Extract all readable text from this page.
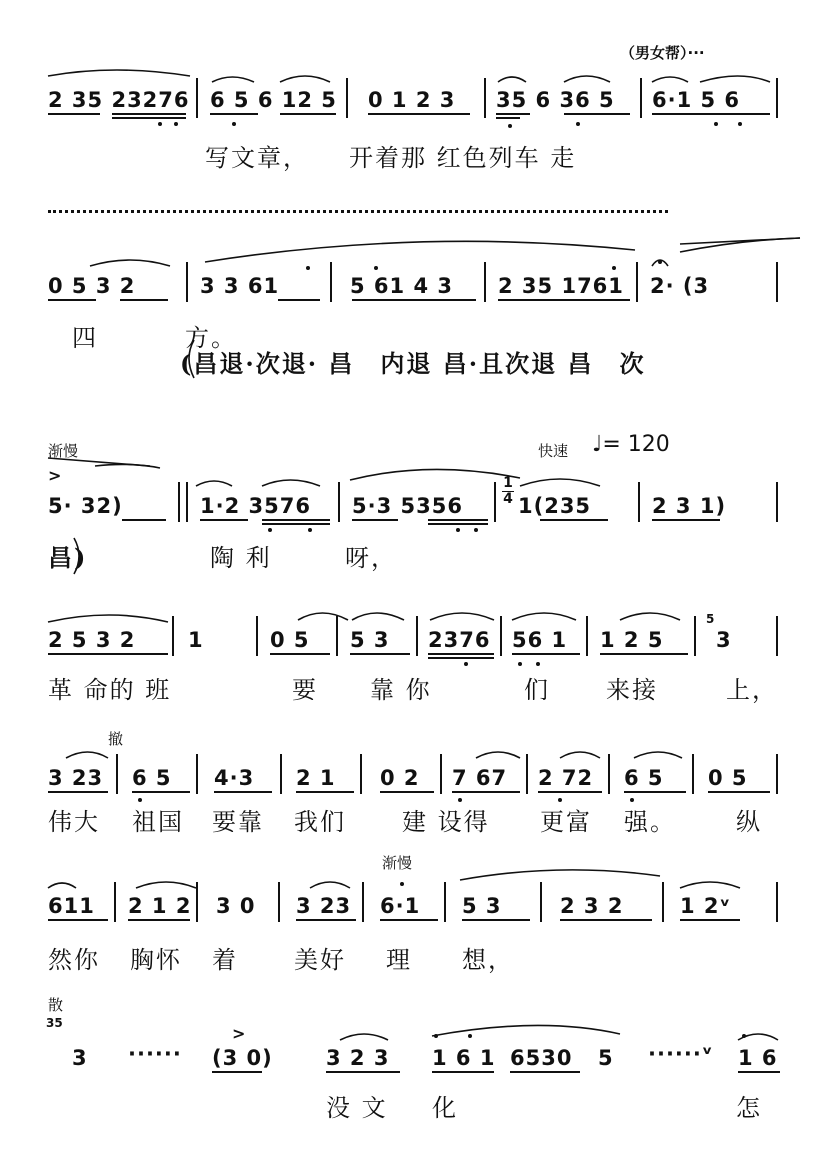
（男女帮）···
2 35 23276 6 5 6 12 5 0 1 2 3 35 6 36 5 6·1 5 6
写文章，　　开着那 红色列车 走
0 5 3 2	3 3 61	5 61 4 3 2 35 1761 2· (3
四	方。
(昌退·次退· 昌　内退 昌·且次退 昌　次
渐慢	快速 ♩= 120
>
5· 32)	1·2 3576 5·3 5356
1
4 1(235	2 3 1)
昌)	陶 利	呀，
2 5 3 2	1	0 5 5 3 2376 56 1 1 2 5
5
3
革 命的 班	要 靠 你	们 来接	上，
撤
3 23 6 5 4·3 2 1 0 2 7 67 2 72 6 5 0 5
伟大 祖国 要靠 我们 建 设得 更富 强。	纵
渐慢
611 2 1 2 3 0 3 23 6·1 5 3	2 3 2	1 2ᵛ
然你 胸怀 着 美好 理 想，
散
35
3 ······
>
(3 0)	3 2 3 1 6 1 6530 5 ······ᵛ 1 6
没 文 化	怎
